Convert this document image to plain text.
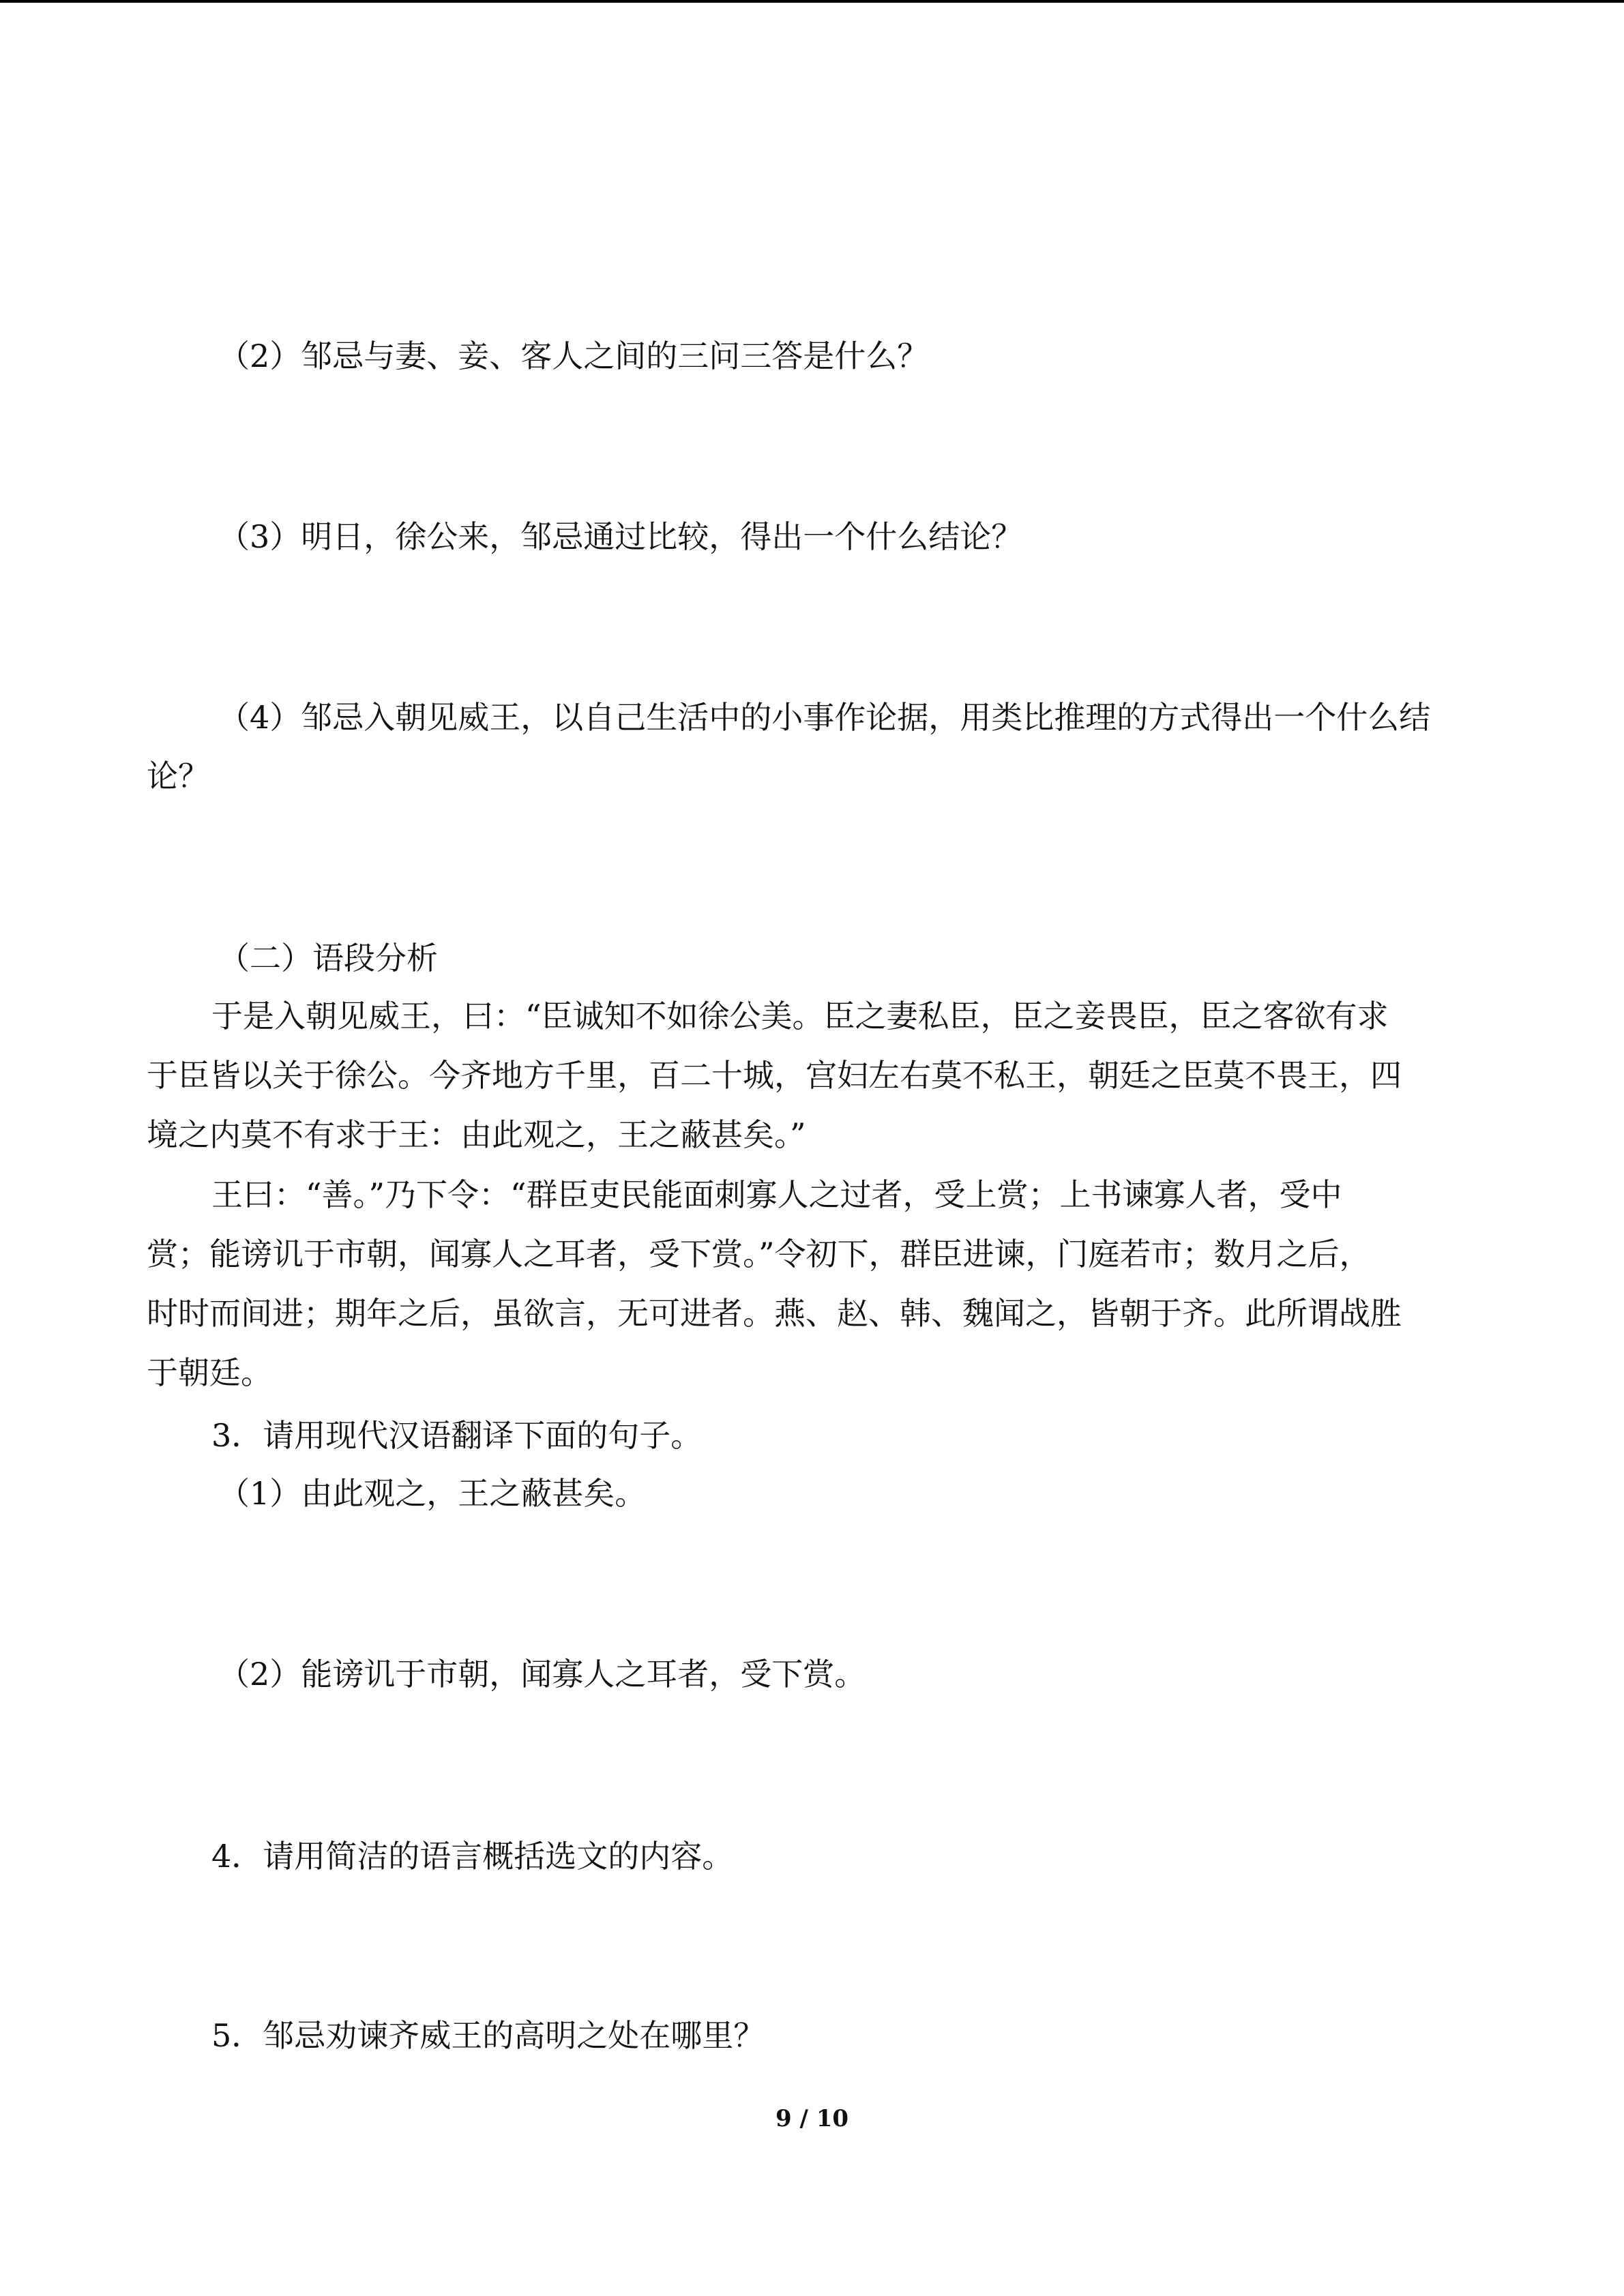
（2）邹忌与妻、妾、客人之间的三问三答是什么？
（3）明日，徐公来，邹忌通过比较，得出一个什么结论？
（4）邹忌入朝见威王，以自己生活中的小事作论据，用类比推理的方式得出一个什么结
论？
（二）语段分析
于是入朝见威王，曰：“臣诚知不如徐公美。臣之妻私臣，臣之妾畏臣，臣之客欲有求
于臣皆以关于徐公。今齐地方千里，百二十城，宫妇左右莫不私王，朝廷之臣莫不畏王，四
境之内莫不有求于王：由此观之，王之蔽甚矣。”
王曰：“善。”乃下令：“群臣吏民能面刺寡人之过者，受上赏；上书谏寡人者，受中
赏；能谤讥于市朝，闻寡人之耳者，受下赏。”令初下，群臣进谏，门庭若市；数月之后，
时时而间进；期年之后，虽欲言，无可进者。燕、赵、韩、魏闻之，皆朝于齐。此所谓战胜
于朝廷。
3．请用现代汉语翻译下面的句子。
（1）由此观之，王之蔽甚矣。
（2）能谤讥于市朝，闻寡人之耳者，受下赏。
4．请用简洁的语言概括选文的内容。
5．邹忌劝谏齐威王的高明之处在哪里？
9 / 10
